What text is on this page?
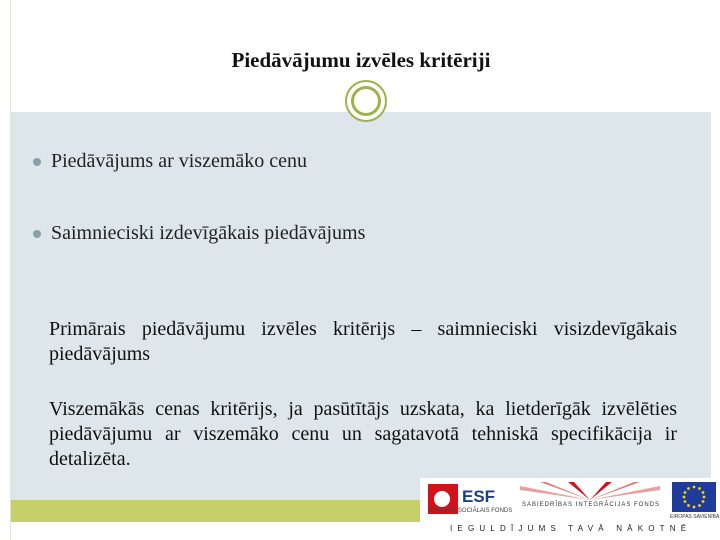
Piedāvājumu izvēles kritēriji
Piedāvājums ar viszemāko cenu
Saimnieciski izdevīgākais piedāvājums
Primārais piedāvājumu izvēles kritērijs – saimnieciski visizdevīgākais piedāvājums
Viszemākās cenas kritērijs, ja pasūtītājs uzskata, ka lietderīgāk izvēlēties piedāvājumu ar viszemāko cenu un sagatavotā tehniskā specifikācija ir detalizēta.
ESF
EIROPAS SOCIĀLAIS FONDS
SABIEDRĪBAS INTEGRĀCIJAS FONDS
EIROPAS SAVIENĪBA
IEGULDĪJUMS TAVĀ NĀKOTNĒ
